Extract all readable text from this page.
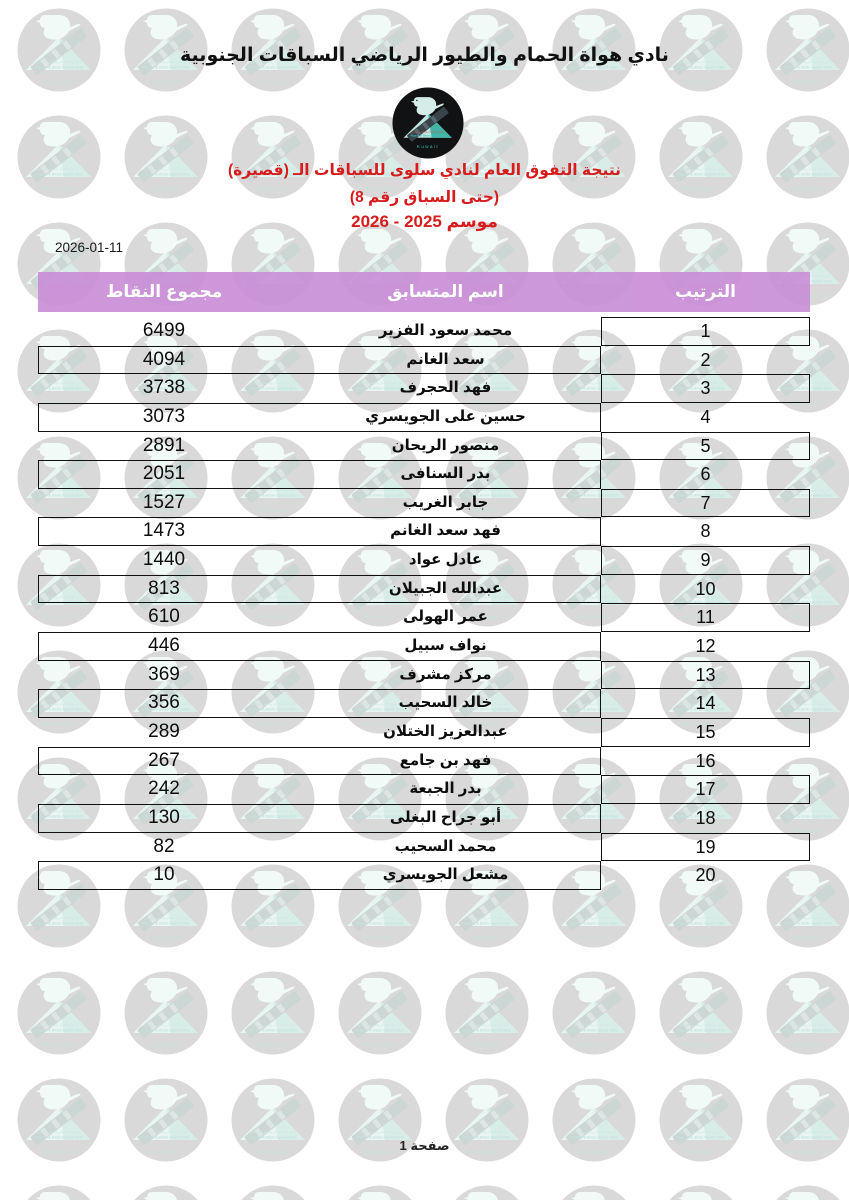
نادي هواة الحمام والطيور الرياضي السباقات الجنوبية
نادي هواة الحمام والطيور الرياضي
Pigeon & Birds Sports Club
Kuwait
نتيجة التفوق العام لنادي سلوى للسباقات الـ (قصيرة)
(حتى السباق رقم 8)
موسم 2025 - 2026
2026-01-11
مجموع النقاط	اسم المتسابق	الترتيب
6499	محمد سعود الفزير	1
4094	سعد الغانم	2
3738	فهد الحجرف	3
3073	حسين على الجويسري	4
2891	منصور الريحان	5
2051	بدر السنافى	6
1527	جابر الغريب	7
1473	فهد سعد الغانم	8
1440	عادل عواد	9
813	عبدالله الجبيلان	10
610	عمر الهولى	11
446	نواف سبيل	12
369	مركز مشرف	13
356	خالد السحيب	14
289	عبدالعزيز الختلان	15
267	فهد بن جامع	16
242	بدر الجبعة	17
130	أبو جراح البغلى	18
82	محمد السحيب	19
10	مشعل الجويسري	20
صفحة 1
